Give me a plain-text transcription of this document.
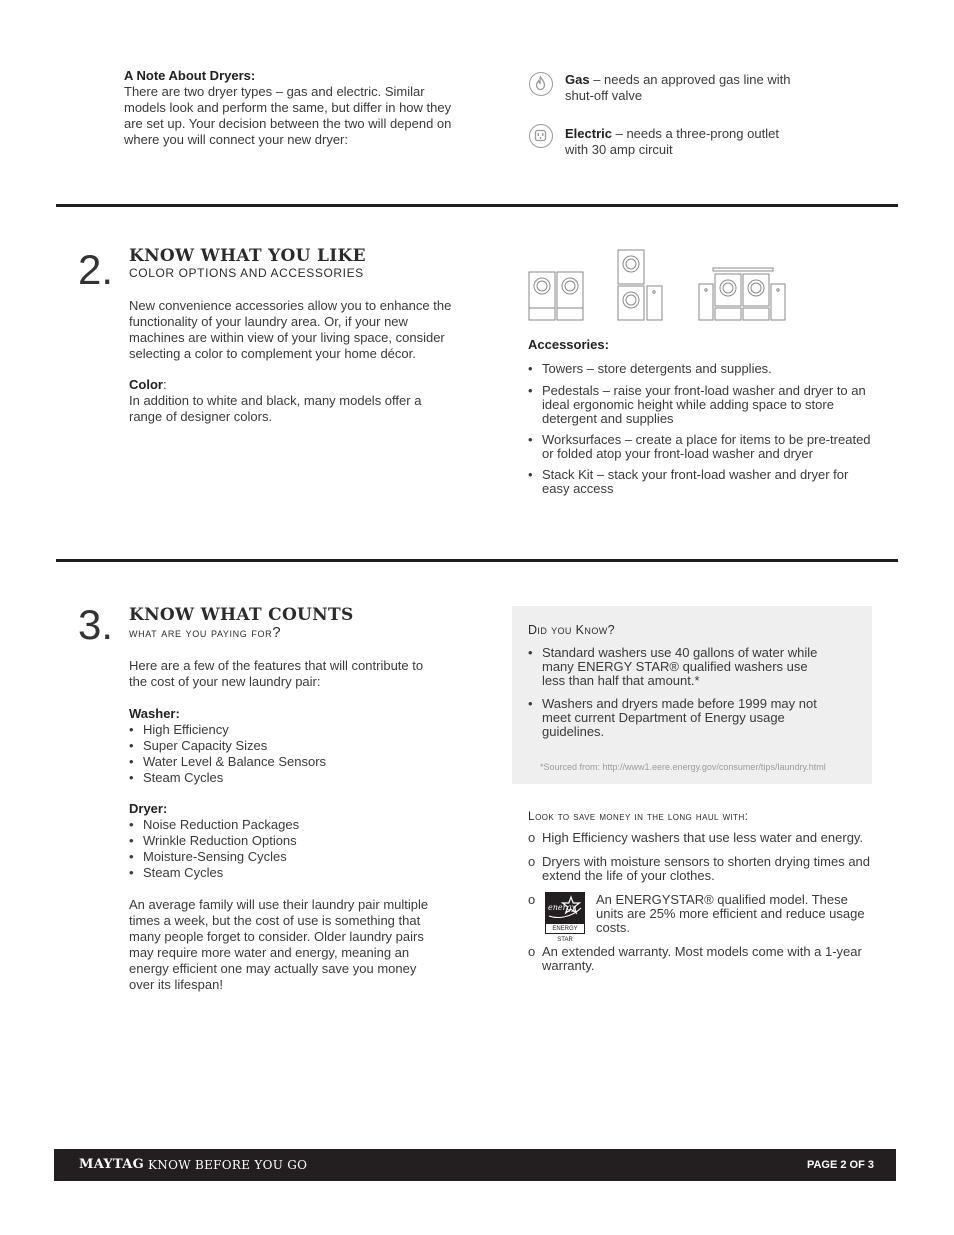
A Note About Dryers:
There are two dryer types – gas and electric. Similar models look and perform the same, but differ in how they are set up. Your decision between the two will depend on where you will connect your new dryer:
Gas – needs an approved gas line with shut-off valve
Electric – needs a three-prong outlet with 30 amp circuit
2. KNOW WHAT YOU LIKE
COLOR OPTIONS AND ACCESSORIES
New convenience accessories allow you to enhance the functionality of your laundry area. Or, if your new machines are within view of your living space, consider selecting a color to complement your home décor.
Color:
In addition to white and black, many models offer a range of designer colors.
Accessories:
• Towers – store detergents and supplies.
• Pedestals – raise your front-load washer and dryer to an ideal ergonomic height while adding space to store detergent and supplies
• Worksurfaces – create a place for items to be pre-treated or folded atop your front-load washer and dryer
• Stack Kit – stack your front-load washer and dryer for easy access
3. KNOW WHAT COUNTS
what are you paying for?
Here are a few of the features that will contribute to the cost of your new laundry pair:
Washer:
• High Efficiency
• Super Capacity Sizes
• Water Level & Balance Sensors
• Steam Cycles
Dryer:
• Noise Reduction Packages
• Wrinkle Reduction Options
• Moisture-Sensing Cycles
• Steam Cycles
An average family will use their laundry pair multiple times a week, but the cost of use is something that many people forget to consider. Older laundry pairs may require more water and energy, meaning an energy efficient one may actually save you money over its lifespan!
Did you Know?
• Standard washers use 40 gallons of water while many ENERGY STAR® qualified washers use less than half that amount.*
• Washers and dryers made before 1999 may not meet current Department of Energy usage guidelines.
*Sourced from: http://www1.eere.energy.gov/consumer/tips/laundry.html
Look to save money in the long haul with:
o High Efficiency washers that use less water and energy.
o Dryers with moisture sensors to shorten drying times and extend the life of your clothes.
o
energy
ENERGY STAR
An ENERGYSTAR® qualified model. These units are 25% more efficient and reduce usage costs.
o An extended warranty. Most models come with a 1-year warranty.
MAYTAG KNOW BEFORE YOU GO	PAGE 2 OF 3
